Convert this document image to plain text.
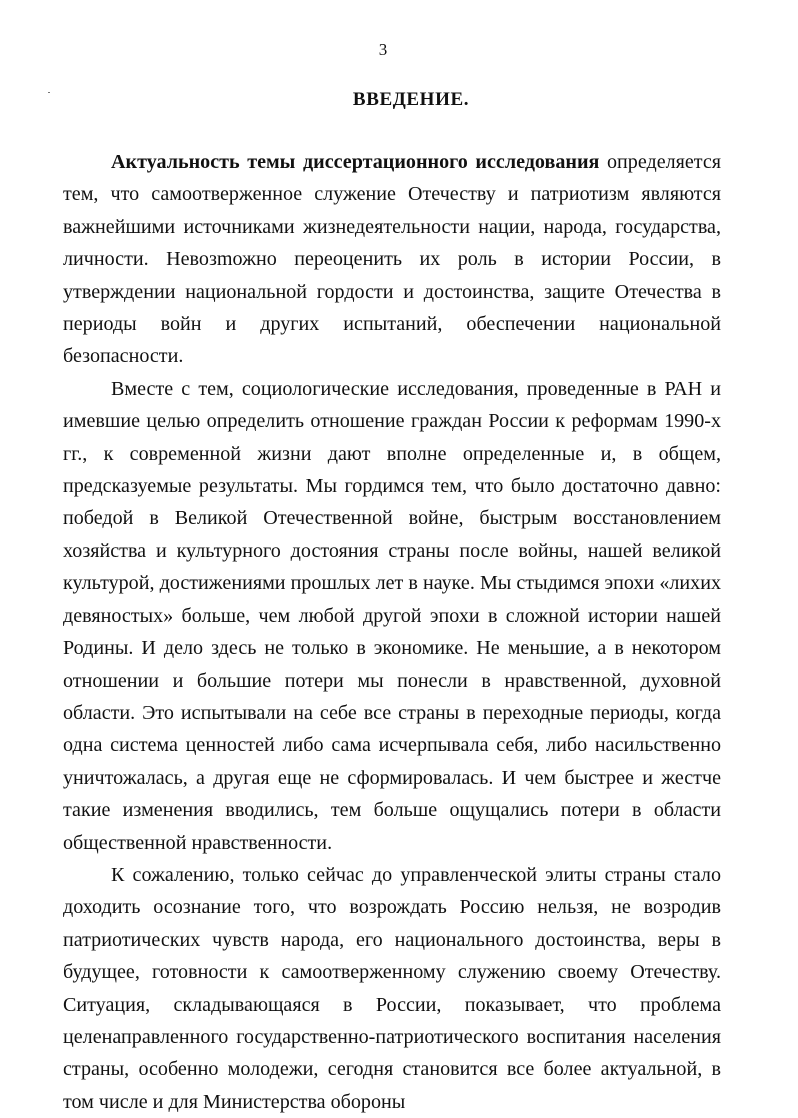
3
ВВЕДЕНИЕ.

Актуальность темы диссертационного исследования определяется тем, что самоотверженное служение Отечеству и патриотизм являются важнейшими источниками жизнедеятельности нации, народа, государства, личности. Невозmожно переоценить их роль в истории России, в утверждении национальной гордости и достоинства, защите Отечества в периоды войн и других испытаний, обеспечении национальной безопасности.

Вместе с тем, социологические исследования, проведенные в РАН и имевшие целью определить отношение граждан России к реформам 1990-х гг., к современной жизни дают вполне определенные и, в общем, предсказуемые результаты. Мы гордимся тем, что было достаточно давно: победой в Великой Отечественной войне, быстрым восстановлением хозяйства и культурного достояния страны после войны, нашей великой культурой, достижениями прошлых лет в науке. Мы стыдимся эпохи «лихих девяностых» больше, чем любой другой эпохи в сложной истории нашей Родины. И дело здесь не только в экономике. Не меньшие, а в некотором отношении и большие потери мы понесли в нравственной, духовной области. Это испытывали на себе все страны в переходные периоды, когда одна система ценностей либо сама исчерпывала себя, либо насильственно уничтожалась, а другая еще не сформировалась. И чем быстрее и жестче такие изменения вводились, тем больше ощущались потери в области общественной нравственности.

К сожалению, только сейчас до управленческой элиты страны стало доходить осознание того, что возрождать Россию нельзя, не возродив патриотических чувств народа, его национального достоинства, веры в будущее, готовности к самоотверженному служению своему Отечеству. Ситуация, складывающаяся в России, показывает, что проблема целенаправленного государственно-патриотического воспитания населения страны, особенно молодежи, сегодня становится все более актуальной, в том числе и для Министерства обороны
